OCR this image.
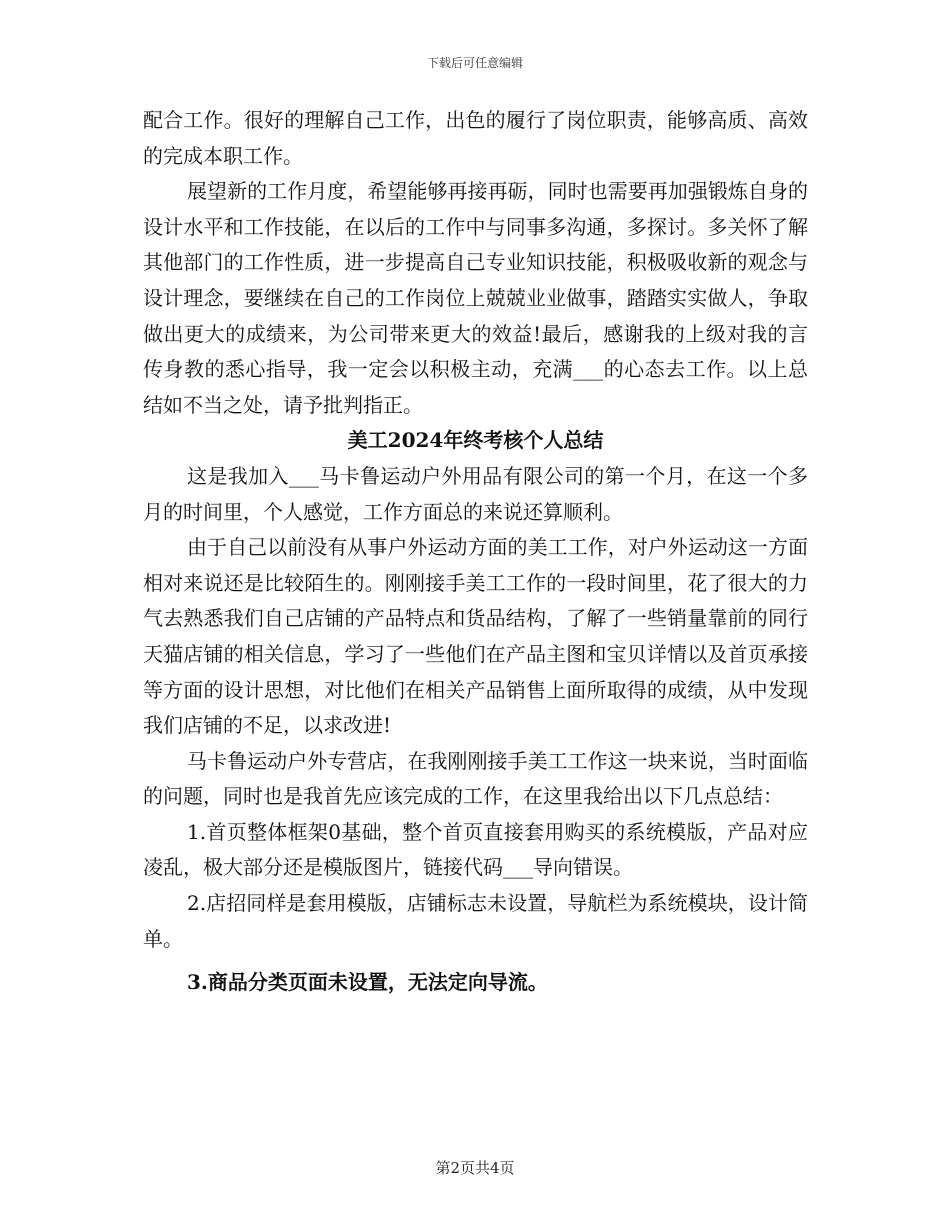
下载后可任意编辑

配合工作。很好的理解自己工作，出色的履行了岗位职责，能够高质、高效的完成本职工作。

展望新的工作月度，希望能够再接再砺，同时也需要再加强锻炼自身的设计水平和工作技能，在以后的工作中与同事多沟通，多探讨。多关怀了解其他部门的工作性质，进一步提高自己专业知识技能，积极吸收新的观念与设计理念，要继续在自己的工作岗位上兢兢业业做事，踏踏实实做人，争取做出更大的成绩来，为公司带来更大的效益!最后，感谢我的上级对我的言传身教的悉心指导，我一定会以积极主动，充满___的心态去工作。以上总结如不当之处，请予批判指正。

美工2024年终考核个人总结

这是我加入___马卡鲁运动户外用品有限公司的第一个月，在这一个多月的时间里，个人感觉，工作方面总的来说还算顺利。

由于自己以前没有从事户外运动方面的美工工作，对户外运动这一方面相对来说还是比较陌生的。刚刚接手美工工作的一段时间里，花了很大的力气去熟悉我们自己店铺的产品特点和货品结构，了解了一些销量靠前的同行天猫店铺的相关信息，学习了一些他们在产品主图和宝贝详情以及首页承接等方面的设计思想，对比他们在相关产品销售上面所取得的成绩，从中发现我们店铺的不足，以求改进!

马卡鲁运动户外专营店，在我刚刚接手美工工作这一块来说，当时面临的问题，同时也是我首先应该完成的工作，在这里我给出以下几点总结：

1.首页整体框架0基础，整个首页直接套用购买的系统模版，产品对应凌乱，极大部分还是模版图片，链接代码___导向错误。

2.店招同样是套用模版，店铺标志未设置，导航栏为系统模块，设计简单。

3.商品分类页面未设置，无法定向导流。

第2页共4页
